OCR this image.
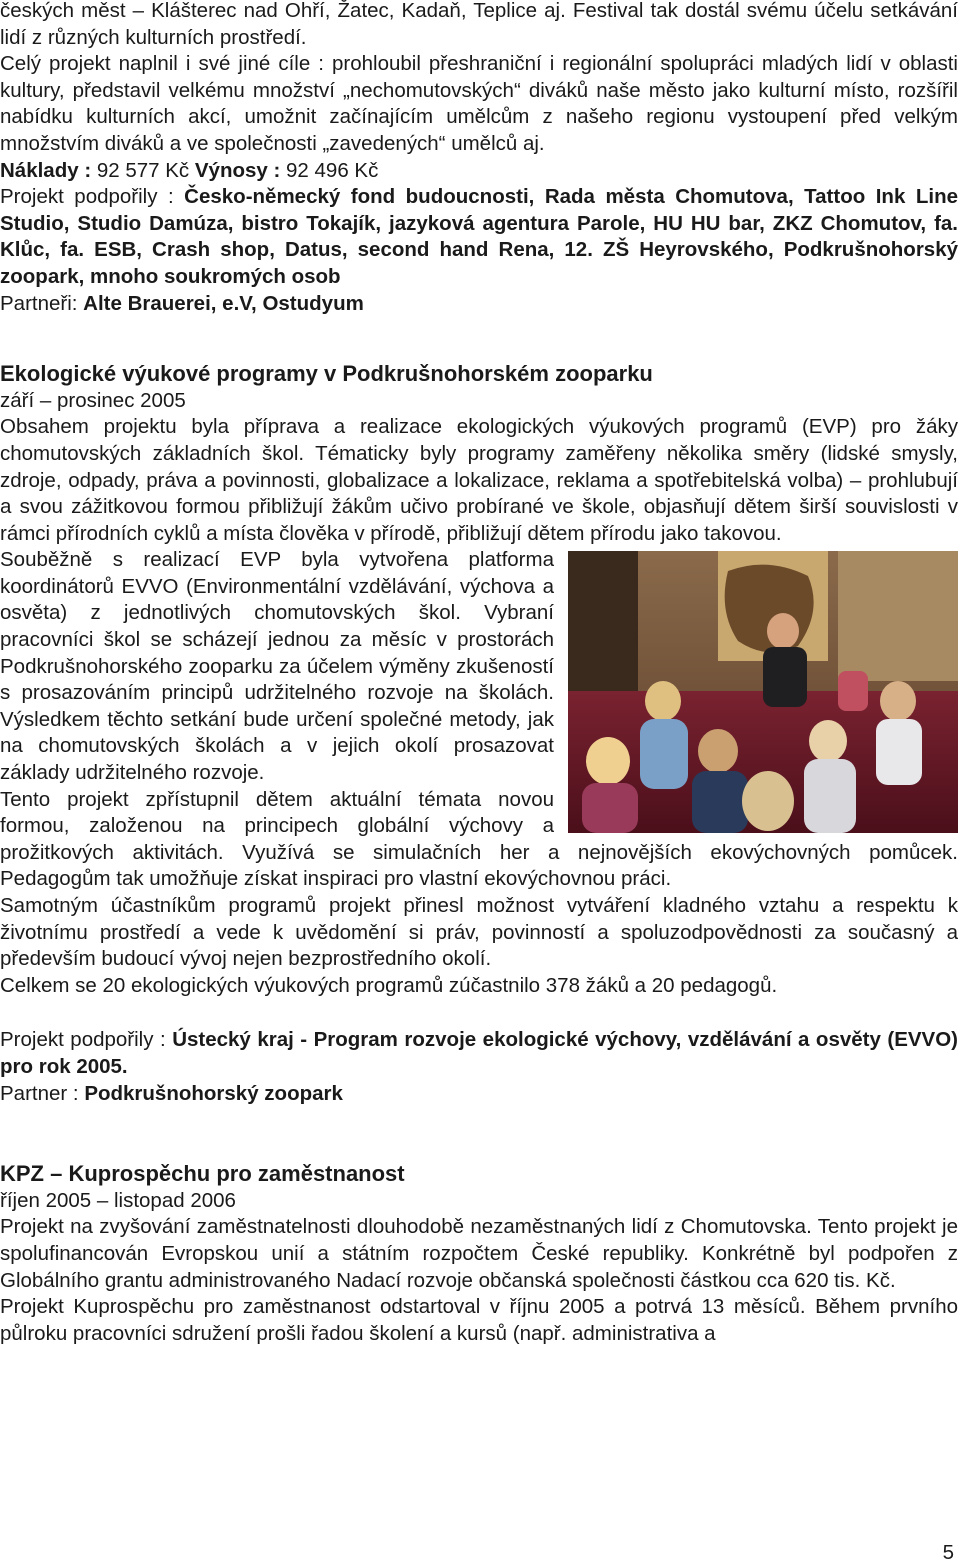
českých měst – Klášterec nad Ohří, Žatec, Kadaň, Teplice aj. Festival tak dostál svému účelu setkávání lidí z různých kulturních prostředí.

Celý projekt naplnil i své jiné cíle : prohloubil přeshraniční i regionální spolupráci mladých lidí v oblasti kultury, představil velkému množství „nechomutovských“ diváků naše město jako kulturní místo, rozšířil nabídku kulturních akcí, umožnit začínajícím umělcům z našeho regionu vystoupení před velkým množstvím diváků a ve společnosti „zavedených“ umělců aj.

Náklady : 92 577 Kč Výnosy : 92 496 Kč

Projekt podpořily : Česko-německý fond budoucnosti, Rada města Chomutova, Tattoo Ink Line Studio, Studio Damúza, bistro Tokajík, jazyková agentura Parole, HU HU bar, ZKZ Chomutov, fa. Klůc, fa. ESB, Crash shop, Datus, second hand Rena, 12. ZŠ Heyrovského, Podkrušnohorský zoopark, mnoho soukromých osob

Partneři: Alte Brauerei, e.V, Ostudyum

Ekologické výukové programy v Podkrušnohorském zooparku

září – prosinec 2005

Obsahem projektu byla příprava a realizace ekologických výukových programů (EVP) pro žáky chomutovských základních škol. Tématicky byly programy zaměřeny několika směry (lidské smysly, zdroje, odpady, práva a povinnosti, globalizace a lokalizace, reklama a spotřebitelská volba) – prohlubují a svou zážitkovou formou přibližují žákům učivo probírané ve škole, objasňují dětem širší souvislosti v rámci přírodních cyklů a místa člověka v přírodě, přibližují dětem přírodu jako takovou.

Souběžně s realizací EVP byla vytvořena platforma koordinátorů EVVO (Environmentální vzdělávání, výchova a osvěta) z jednotlivých chomutovských škol. Vybraní pracovníci škol se scházejí jednou za měsíc v prostorách Podkrušnohorského zooparku za účelem výměny zkušeností s prosazováním principů udržitelného rozvoje na školách. Výsledkem těchto setkání bude určení společné metody, jak na chomutovských školách a v jejich okolí prosazovat základy udržitelného rozvoje.

Tento projekt zpřístupnil dětem aktuální témata novou formou, založenou na principech globální výchovy a prožitkových aktivitách. Využívá se simulačních her a nejnovějších ekovýchovných pomůcek. Pedagogům tak umožňuje získat inspiraci pro vlastní ekovýchovnou práci.

Samotným účastníkům programů projekt přinesl možnost vytváření kladného vztahu a respektu k životnímu prostředí a vede k uvědomění si práv, povinností a spoluzodpovědnosti za současný a především budoucí vývoj nejen bezprostředního okolí.

Celkem se 20 ekologických výukových programů zúčastnilo 378 žáků a 20 pedagogů.

Projekt podpořily : Ústecký kraj - Program rozvoje ekologické výchovy, vzdělávání a osvěty (EVVO) pro rok 2005.

Partner : Podkrušnohorský zoopark

KPZ – Kuprospěchu pro zaměstnanost

říjen 2005 – listopad 2006

Projekt na zvyšování zaměstnatelnosti dlouhodobě nezaměstnaných lidí z Chomutovska. Tento projekt je spolufinancován Evropskou unií a státním rozpočtem České republiky. Konkrétně byl podpořen z Globálního grantu administrovaného Nadací rozvoje občanská společnosti částkou cca 620 tis. Kč.

Projekt Kuprospěchu pro zaměstnanost odstartoval v říjnu 2005 a potrvá 13 měsíců. Během prvního půlroku pracovníci sdružení prošli řadou školení a kursů (např. administrativa a

5
